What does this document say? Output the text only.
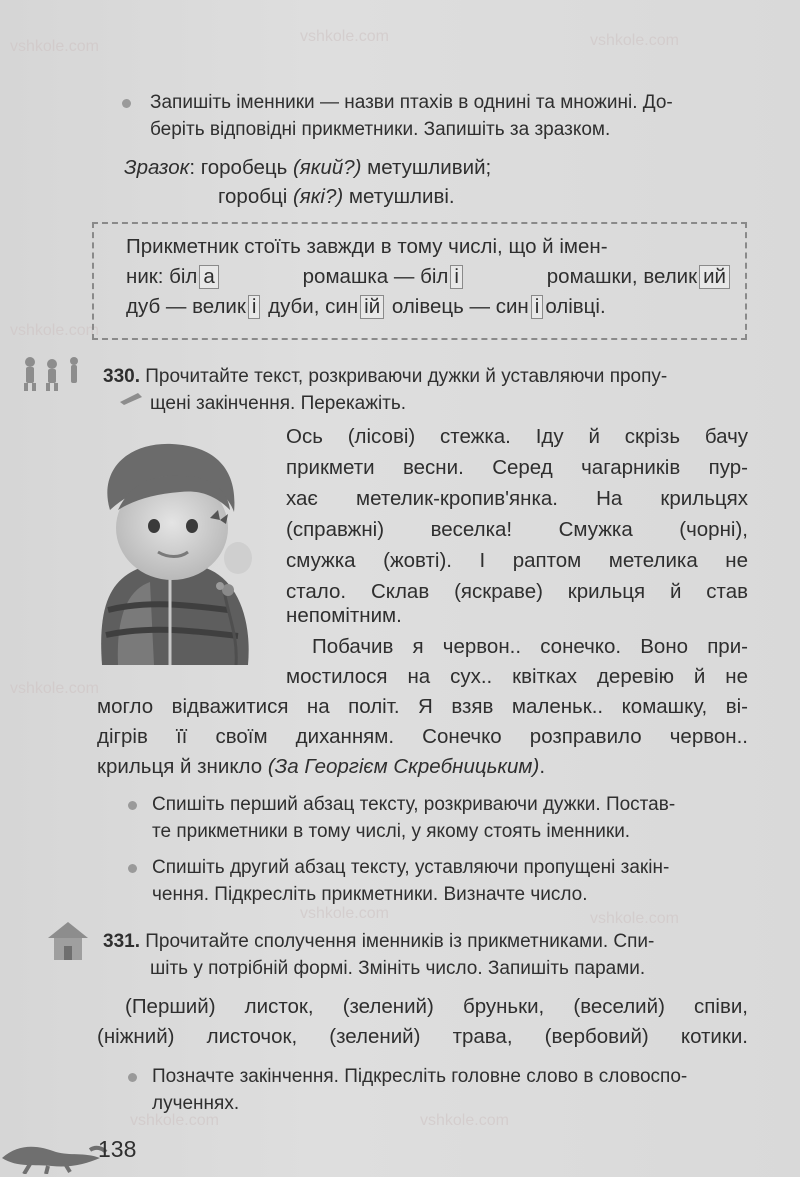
vshkole.com
vshkole.com	vshkole.com
vshkole.com
vshkole.com
vshkole.com	vshkole.com
vshkole.com	vshkole.com
Запишіть іменники — назви птахів в однині та множині. До-
беріть відповідні прикметники. Запишіть за зразком.
Зразок: горобець (який?) метушливий;
горобці (які?) метушливі.
Прикметник стоїть завжди в тому числі, що й імен-
ник: біл а	ромашка — біл і	ромашки, велик ий
дуб — велик і дуби, син ій олівець — син і олівці.
330. Прочитайте текст, розкриваючи дужки й уставляючи пропу-
щені закінчення. Перекажіть.
Ось (лісові) стежка. Іду й скрізь бачу
прикмети весни. Серед чагарників пур-
хає метелик-кропив'янка. На крильцях
(справжні) веселка! Смужка (чорні),
смужка (жовті). І раптом метелика не
стало. Склав (яскраве) крильця й став
непомітним.
Побачив я червон.. сонечко. Воно при-
мостилося на сух.. квітках деревію й не
могло відважитися на політ. Я взяв маленьк.. комашку, ві-
дігрів її своїм диханням. Сонечко розправило червон..
крильця й зникло (За Георгієм Скребницьким).
Спишіть перший абзац тексту, розкриваючи дужки. Постав-
те прикметники в тому числі, у якому стоять іменники.
Спишіть другий абзац тексту, уставляючи пропущені закін-
чення. Підкресліть прикметники. Визначте число.
331. Прочитайте сполучення іменників із прикметниками. Спи-
шіть у потрібній формі. Змініть число. Запишіть парами.
(Перший) листок, (зелений) бруньки, (веселий) співи,
(ніжний) листочок, (зелений) трава, (вербовий) котики.
Позначте закінчення. Підкресліть головне слово в словоспо-
лученнях.
138
